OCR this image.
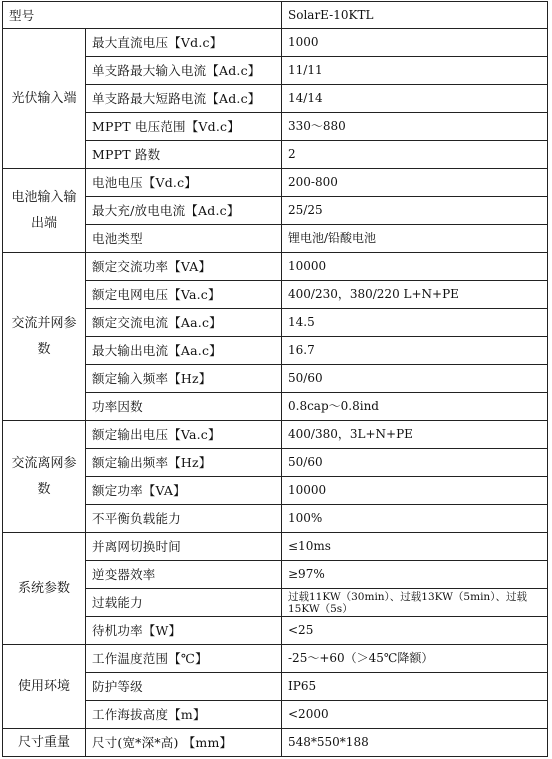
型号		SolarE-10KTL
光伏输入端	最大直流电压【Vd.c】	1000
	单支路最大输入电流【Ad.c】	11/11
	单支路最大短路电流【Ad.c】	14/14
	MPPT 电压范围【Vd.c】	330～880
	MPPT 路数	2
电池输入输出端	电池电压【Vd.c】	200-800
	最大充/放电电流【Ad.c】	25/25
	电池类型	锂电池/铅酸电池
交流并网参数	额定交流功率【VA】	10000
	额定电网电压【Va.c】	400/230，380/220 L+N+PE
	额定交流电流【Aa.c】	14.5
	最大输出电流【Aa.c】	16.7
	额定输入频率【Hz】	50/60
	功率因数	0.8cap～0.8ind
交流离网参数	额定输出电压【Va.c】	400/380，3L+N+PE
	额定输出频率【Hz】	50/60
	额定功率【VA】	10000
	不平衡负载能力	100%
系统参数	并离网切换时间	≤10ms
	逆变器效率	≥97%
	过载能力	过载11KW（30min）、过载13KW（5min）、过载15KW（5s）
	待机功率【W】	<25
使用环境	工作温度范围【℃】	-25～+60（＞45℃降额）
	防护等级	IP65
	工作海拔高度【m】	<2000
尺寸重量	尺寸(宽*深*高) 【mm】	548*550*188
